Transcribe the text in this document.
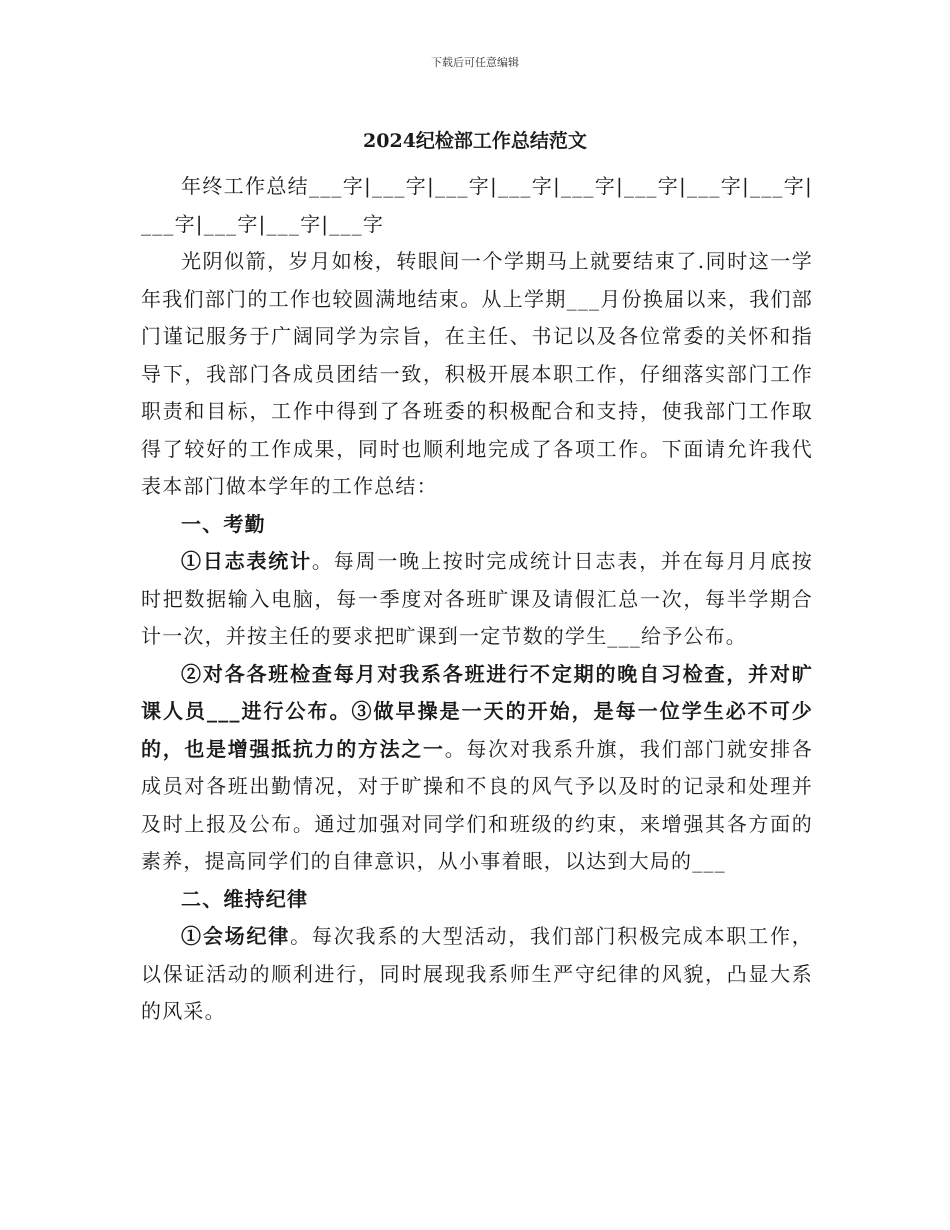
下载后可任意编辑
2024纪检部工作总结范文

年终工作总结___字|___字|___字|___字|___字|___字|___字|___字|___字|___字|___字|___字

光阴似箭，岁月如梭，转眼间一个学期马上就要结束了.同时这一学年我们部门的工作也较圆满地结束。从上学期___月份换届以来，我们部门谨记服务于广阔同学为宗旨，在主任、书记以及各位常委的关怀和指导下，我部门各成员团结一致，积极开展本职工作，仔细落实部门工作职责和目标，工作中得到了各班委的积极配合和支持，使我部门工作取得了较好的工作成果，同时也顺利地完成了各项工作。下面请允许我代表本部门做本学年的工作总结：

一、考勤

①日志表统计。每周一晚上按时完成统计日志表，并在每月月底按时把数据输入电脑，每一季度对各班旷课及请假汇总一次，每半学期合计一次，并按主任的要求把旷课到一定节数的学生___给予公布。

②对各各班检查每月对我系各班进行不定期的晚自习检查，并对旷课人员___进行公布。③做早操是一天的开始，是每一位学生必不可少的，也是增强抵抗力的方法之一。每次对我系升旗，我们部门就安排各成员对各班出勤情况，对于旷操和不良的风气予以及时的记录和处理并及时上报及公布。通过加强对同学们和班级的约束，来增强其各方面的素养，提高同学们的自律意识，从小事着眼，以达到大局的___

二、维持纪律

①会场纪律。每次我系的大型活动，我们部门积极完成本职工作，以保证活动的顺利进行，同时展现我系师生严守纪律的风貌，凸显大系的风采。
